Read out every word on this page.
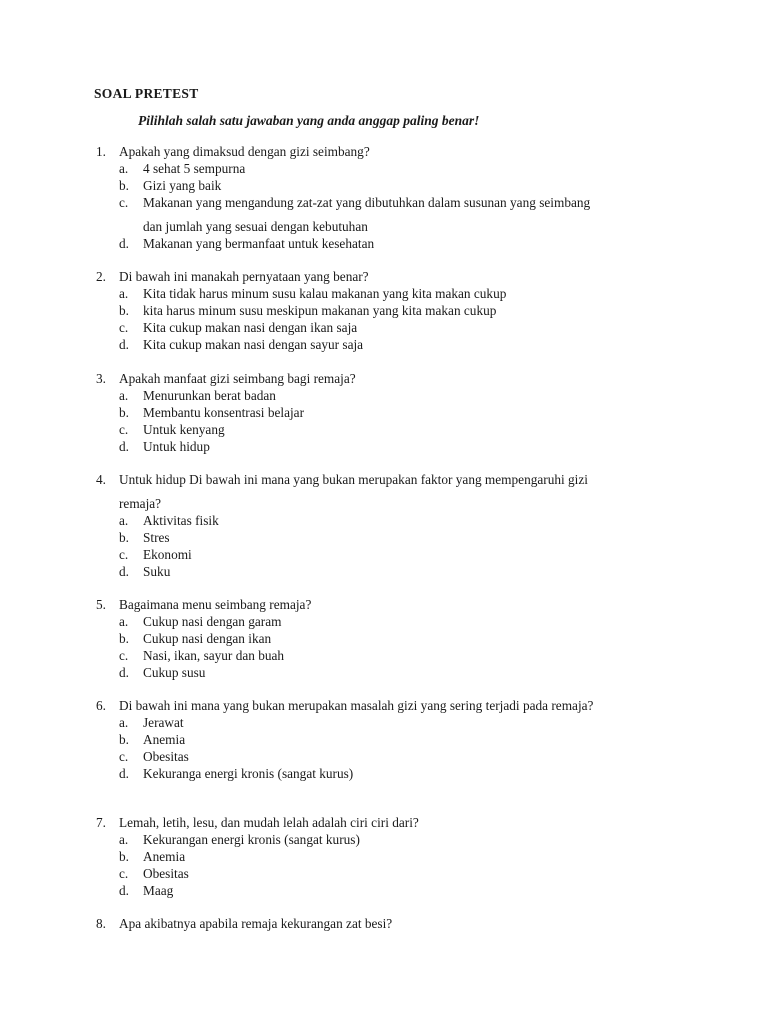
SOAL PRETEST
Pilihlah salah satu jawaban yang anda anggap paling benar!
1. Apakah yang dimaksud dengan gizi seimbang?
a. 4 sehat 5 sempurna
b. Gizi yang baik
c. Makanan yang mengandung zat-zat yang dibutuhkan dalam susunan yang seimbang
dan jumlah yang sesuai dengan kebutuhan
d. Makanan yang bermanfaat untuk kesehatan
2. Di bawah ini manakah pernyataan yang benar?
a. Kita tidak harus minum susu kalau makanan yang kita makan cukup
b. kita harus minum susu meskipun makanan yang kita makan cukup
c. Kita cukup makan nasi dengan ikan saja
d. Kita cukup makan nasi dengan sayur saja
3. Apakah manfaat gizi seimbang bagi remaja?
a. Menurunkan berat badan
b. Membantu konsentrasi belajar
c. Untuk kenyang
d. Untuk hidup
4. Untuk hidup Di bawah ini mana yang bukan merupakan faktor yang mempengaruhi gizi
remaja?
a. Aktivitas fisik
b. Stres
c. Ekonomi
d. Suku
5. Bagaimana menu seimbang remaja?
a. Cukup nasi dengan garam
b. Cukup nasi dengan ikan
c. Nasi, ikan, sayur dan buah
d. Cukup susu
6. Di bawah ini mana yang bukan merupakan masalah gizi yang sering terjadi pada remaja?
a. Jerawat
b. Anemia
c. Obesitas
d. Kekuranga energi kronis (sangat kurus)
7. Lemah, letih, lesu, dan mudah lelah adalah ciri ciri dari?
a. Kekurangan energi kronis (sangat kurus)
b. Anemia
c. Obesitas
d. Maag
8. Apa akibatnya apabila remaja kekurangan zat besi?
